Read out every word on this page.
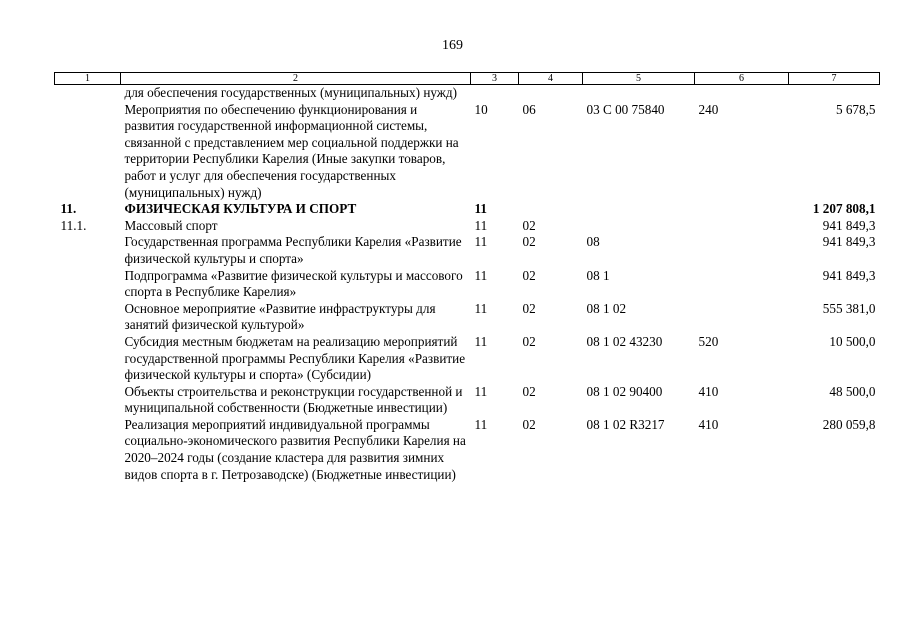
169
1	2	3	4	5	6	7
	для обеспечения государственных (муниципальных) нужд)					
	Мероприятия по обеспечению функционирования и развития государственной информационной системы, связанной с представлением мер социальной поддержки на территории Республики Карелия (Иные закупки товаров, работ и услуг для обеспечения государственных (муниципальных) нужд)	10	06	03 С 00 75840	240	5 678,5
11.	ФИЗИЧЕСКАЯ КУЛЬТУРА И СПОРТ	11				1 207 808,1
11.1.	Массовый спорт	11	02			941 849,3
	Государственная программа Республики Карелия «Развитие физической культуры и спорта»	11	02	08		941 849,3
	Подпрограмма «Развитие физической культуры и массового спорта в Республике Карелия»	11	02	08 1		941 849,3
	Основное мероприятие «Развитие инфраструктуры для занятий физической культурой»	11	02	08 1 02		555 381,0
	Субсидия местным бюджетам на реализацию мероприятий государственной программы Республики Карелия «Развитие физической культуры и спорта» (Субсидии)	11	02	08 1 02 43230	520	10 500,0
	Объекты строительства и реконструкции государственной и муниципальной собственности (Бюджетные инвестиции)	11	02	08 1 02 90400	410	48 500,0
	Реализация мероприятий индивидуальной программы социально-экономического развития Республики Карелия на 2020–2024 годы (создание кластера для развития зимних видов спорта в г. Петрозаводске) (Бюджетные инвестиции)	11	02	08 1 02 R3217	410	280 059,8
